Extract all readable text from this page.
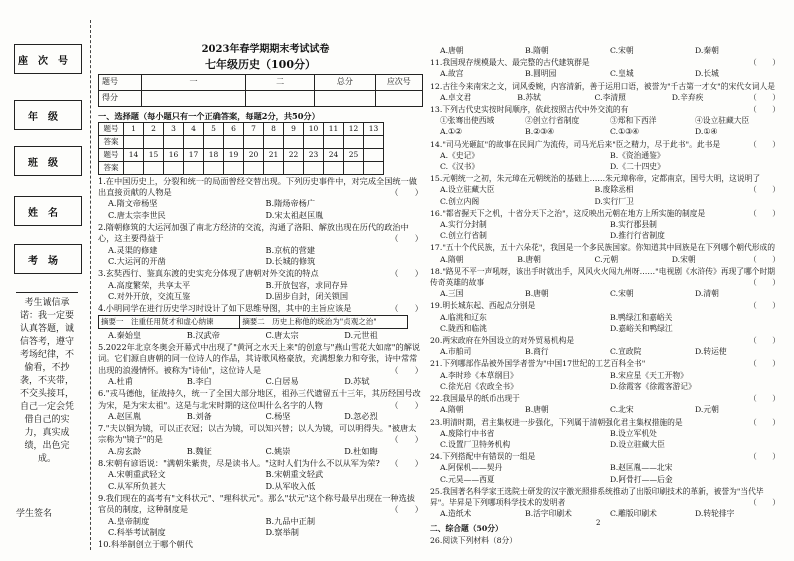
座次号
年级
班级
姓名
考场
考生诚信承诺：我一定要认真答题，诚信答考，遵守考场纪律，不偷看，不抄袭，不夹带，不交头接耳，自己一定会凭借自己的实力，真实成绩，出色完成。
学生签名
2023年春学期期末考试试卷
七年级历史（100分）
题号	一	二	总分	应次号
得分				
一、选择题（每小题只有一个正确答案，每题2分，共50分）
题号	1	2	3	4	5	6	7	8	9	10	11	12	13
答案													
题号	14	15	16	17	18	19	20	21	22	23	24	25	
答案													
1.在中国历史上，分裂和统一的局面曾经交替出现。下列历史事件中，对完成全国统一做出直接贡献的人物是	（　　）
A.隋文帝杨坚	B.隋炀帝杨广
C.唐太宗李世民	D.宋太祖赵匡胤
2.隋朝修筑的大运河加强了南北方经济的交流，沟通了洛阳、解放出现在历代的政治中心，这主要得益于	（　　）
A.灵渠的修建	B.京杭的营建
C.大运河的开凿	D.长城的修筑
3.玄奘西行、鉴真东渡的史实充分体现了唐朝对外交流的特点	（　　）
A.高度繁荣，共享太平	B.开放包容，求同存异
C.对外开放，交流互鉴	D.固步自封，闭关锁国
4.小明同学在进行历史学习时设计了如下思维导图，其中的主旨应该是	（　　）
摘要一　注重任用贤才和虚心纳谏	摘要二　历史上称他的统治为"贞观之治"
A.秦始皇	B.汉武帝	C.唐太宗	D.元世祖
5.2022年北京冬奥会开幕式中出现了"黄河之水天上来"的创意与"燕山雪花大如席"的解说词。它们源自唐朝的同一位诗人的作品，其诗歌风格豪放，充满想象力和夸张，诗中常常出现的浪漫情怀。被称为"诗仙"，这位诗人是	（　　）
A.杜甫	B.李白	C.白居易	D.苏轼
6."戎马德他，征战持久，统一了全国大部分地区，祖孙三代遗留五十三年，其历经国号改为宋，是为宋太祖"。这是与北宋时期的这位叫什么名字的人物	（　　）
A.赵匡胤	B.刘备	C.杨坚	D.忽必烈
7."夫以铜为镜，可以正衣冠；以古为镜，可以知兴替；以人为镜，可以明得失。"被唐太宗称为"镜子"的是	（　　）
A.房玄龄	B.魏征	C.姚崇	D.杜如晦
8.宋朝有谚语说："满朝朱紫贵，尽是读书人。"这时人们为什么不以从军为荣? （　　）
A.宋朝重武轻文	B.宋朝重文轻武
C.从军所负甚大	D.从军收入低
9.我们现在的高考有"文科状元"、"理科状元"。那么"状元"这个称号最早出现在一种选拔官员的制度，这种制度是	（　　）
A.皇帝制度	B.九品中正制
C.科举考试制度	D.察举制
10.科举制创立于哪个朝代
A.唐朝	B.隋朝	C.宋朝	D.秦朝
11.我国现存规模最大、最完整的古代建筑群是	（　　）
A.故宫	B.圆明园	C.皇城	D.长城
12.古往今来南宋之文，词风委婉，内容清新，善于运用口语，被誉为"千古第一才女"的宋代女词人是
（　　）
A.卓文君	B.苏轼	C.李清照	D.辛弃疾
13.下列古代史实按时间顺序，依此按照古代中外交流的有	（　　）
①张骞出使西域	②创立行省制度	③郑和下西洋	④设立驻藏大臣
A.①②	B.②③④	C.①③④	D.①④
14."司马光砸缸"的故事在民间广为流传，司马光后来"臣之精力，尽于此书"。此书是	（　　）
A.《史记》	B.《资治通鉴》
C.《汉书》	D.《二十四史》
15.元朝统一之初，朱元璋在元朝统治的基础上……朱元璋称帝，定都南京，国号大明，这说明了
（　　）
A.设立驻藏大臣	B.废除丞相
C.创立内阁	D.实行厂卫
16."都省握天下之机，十省分天下之治"，这反映出元朝在地方上所实施的制度是	（　　）
A.实行分封制	B.实行郡县制
C.创立行省制	D.推行行省制度
17."五十个代民族，五十六朵花"，我国是一个多民族国家。你知道其中回族是在下列哪个朝代形成的
（　　）
A.隋朝	B.唐朝	C.元朝	D.宋朝
18."路见不平一声吼呀，该出手时就出手，风风火火闯九州呀……"电视剧《水浒传》再现了哪个时期传奇英雄的故事	（　　）
A.三国	B.唐朝	C.宋朝	D.清朝
19.明长城东起、西起点分别是	（　　）
A.临洮和辽东	B.鸭绿江和嘉峪关
C.陇西和临洮	D.嘉峪关和鸭绿江
20.两宋政府在外国设立的对外贸易机构是	（　　）
A.市舶司	B.商行	C.宣政院	D.转运使
21.下列哪部作品被外国学者誉为"中国17世纪的工艺百科全书"	（　　）
A.李时珍《本草纲目》	B.宋应星《天工开物》
C.徐光启《农政全书》	D.徐霞客《徐霞客游记》
22.我国最早的纸币出现于	（　　）
A.隋朝	B.唐朝	C.北宋	D.元朝
23.明清时期，君主集权进一步强化，下列属于清朝强化君主集权措施的是	（　　）
A.废除行中书省	B.设立军机处
C.设置厂卫特务机构	D.设立驻藏大臣
24.下列搭配中有错误的一组是	（　　）
A.阿保机——契丹	B.赵匡胤——北宋
C.元昊——西夏	D.阿骨打——后金
25.我国著名科学家王选院士研发的汉字激光照排系统推动了出版印刷技术的革新，被誉为"当代毕昇"。毕昇是下列哪项科学技术的发明者	（　　）
A.造纸术	B.活字印刷术	C.雕版印刷术	D.转轮排字
二、综合题（50分）
26.阅读下列材料（8分）
2
